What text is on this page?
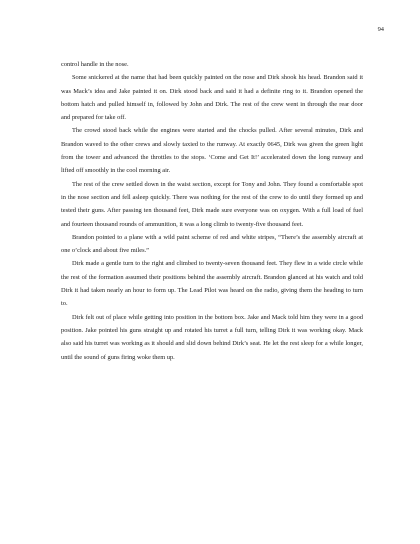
94

control handle in the nose.

Some snickered at the name that had been quickly painted on the nose and Dirk shook his head. Brandon said it was Mack’s idea and Jake painted it on. Dirk stood back and said it had a definite ring to it. Brandon opened the bottom hatch and pulled himself in, followed by John and Dirk. The rest of the crew went in through the rear door and prepared for take off.

The crowd stood back while the engines were started and the chocks pulled. After several minutes, Dirk and Brandon waved to the other crews and slowly taxied to the runway. At exactly 0645, Dirk was given the green light from the tower and advanced the throttles to the stops. ‘Come and Get It!’ accelerated down the long runway and lifted off smoothly in the cool morning air.

The rest of the crew settled down in the waist section, except for Tony and John. They found a comfortable spot in the nose section and fell asleep quickly. There was nothing for the rest of the crew to do until they formed up and tested their guns. After passing ten thousand feet, Dirk made sure everyone was on oxygen. With a full load of fuel and fourteen thousand rounds of ammunition, it was a long climb to twenty-five thousand feet.

Brandon pointed to a plane with a wild paint scheme of red and white stripes, “There’s the assembly aircraft at one o’clock and about five miles.”

Dirk made a gentle turn to the right and climbed to twenty-seven thousand feet. They flew in a wide circle while the rest of the formation assumed their positions behind the assembly aircraft. Brandon glanced at his watch and told Dirk it had taken nearly an hour to form up. The Lead Pilot was heard on the radio, giving them the heading to turn to.

Dirk felt out of place while getting into position in the bottom box. Jake and Mack told him they were in a good position. Jake pointed his guns straight up and rotated his turret a full turn, telling Dirk it was working okay. Mack also said his turret was working as it should and slid down behind Dirk’s seat. He let the rest sleep for a while longer, until the sound of guns firing woke them up.
